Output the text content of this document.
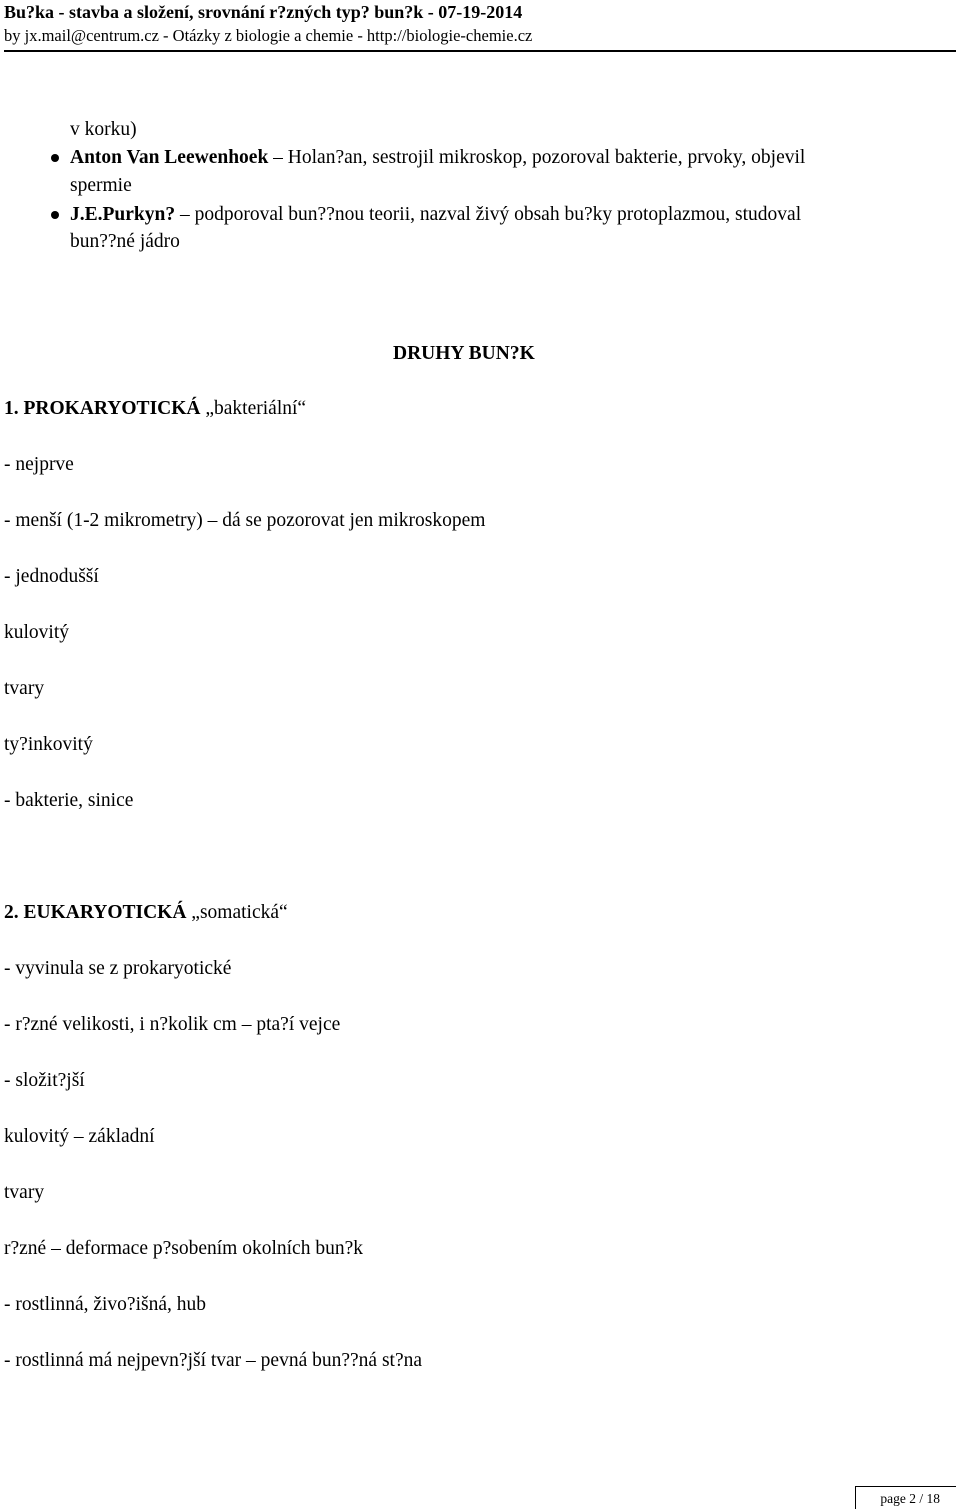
Bu?ka - stavba a složení, srovnání r?zných typ? bun?k - 07-19-2014
by jx.mail@centrum.cz - Otázky z biologie a chemie - http://biologie-chemie.cz
v korku)
Anton Van Leewenhoek – Holan?an, sestrojil mikroskop, pozoroval bakterie, prvoky, objevil
spermie
J.E.Purkyn? – podporoval bun??nou teorii, nazval živý obsah bu?ky protoplazmou, studoval
bun??né jádro
DRUHY BUN?K
1. PROKARYOTICKÁ „bakteriální“
- nejprve
- menší (1-2 mikrometry) – dá se pozorovat jen mikroskopem
- jednodušší
kulovitý
tvary
ty?inkovitý
- bakterie, sinice
2. EUKARYOTICKÁ „somatická“
- vyvinula se z prokaryotické
- r?zné velikosti, i n?kolik cm – pta?í vejce
- složit?jší
kulovitý – základní
tvary
r?zné – deformace p?sobením okolních bun?k
- rostlinná, živo?išná, hub
- rostlinná má nejpevn?jší tvar – pevná bun??ná st?na
page 2 / 18
